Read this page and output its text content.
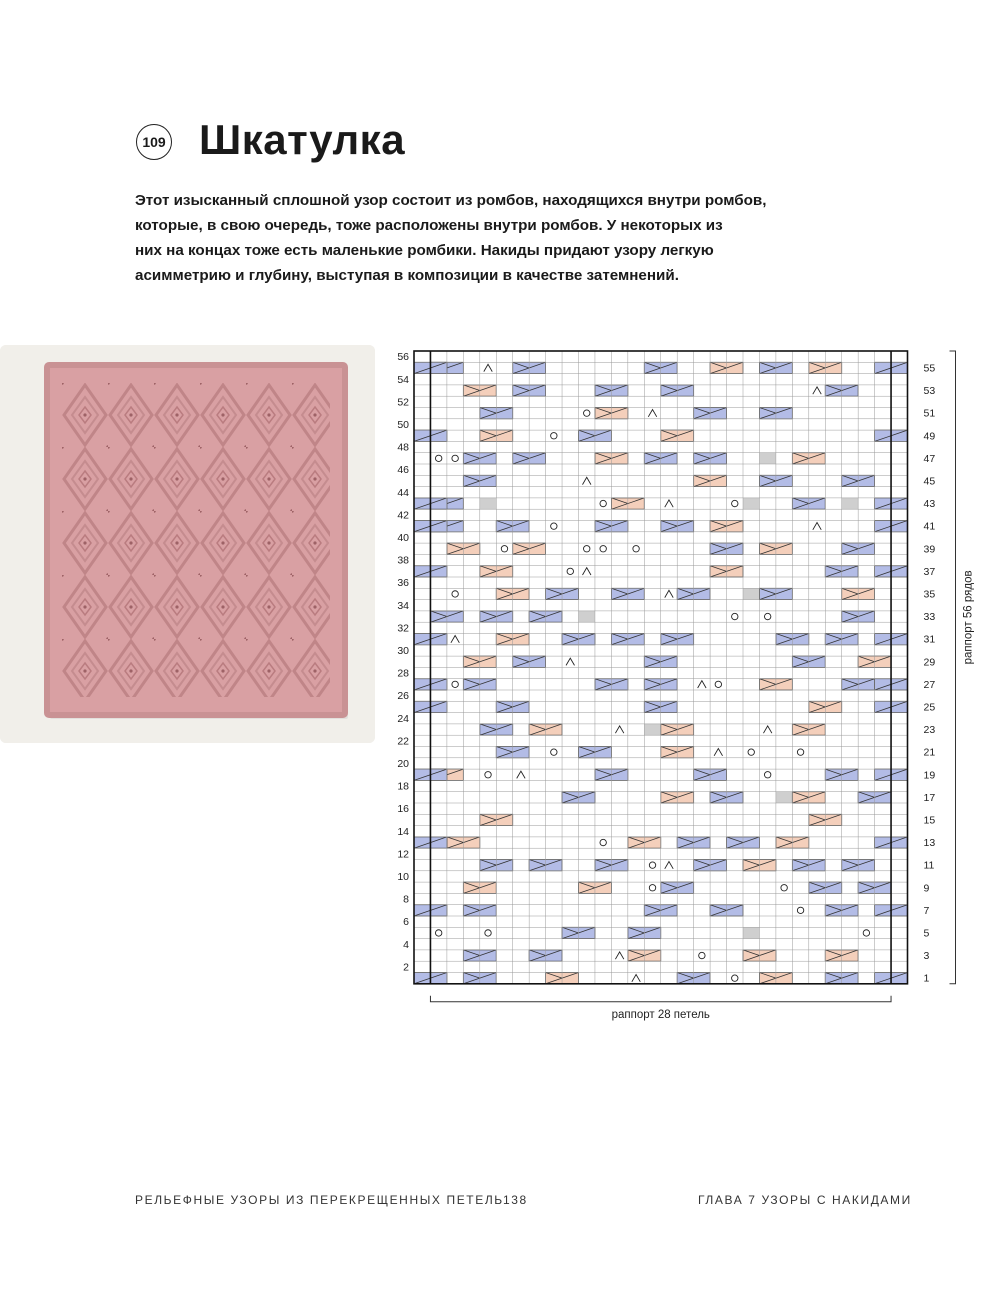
109 Шкатулка

Этот изысканный сплошной узор состоит из ромбов, находящихся внутри ромбов,
которые, в свою очередь, тоже расположены внутри ромбов. У некоторых из
них на концах тоже есть маленькие ромбики. Накиды придают узору легкую
асимметрию и глубину, выступая в композиции в качестве затемнений.

56
54
52
50
48
46
44
42
40
38
36
34
32
30
28
26
24
22
20
18
16
14
12
10
8
6
4
2
55
53
51
49
47
45
43
41
39
37
35
33
31
29
27
25
23
21
19
17
15
13
11
9
7
5
3
1
раппорт 56 рядов
раппорт 28 петель
РЕЛЬЕФНЫЕ УЗОРЫ ИЗ ПЕРЕКРЕЩЕННЫХ ПЕТЕЛЬ 138	ГЛАВА 7 УЗОРЫ С НАКИДАМИ
